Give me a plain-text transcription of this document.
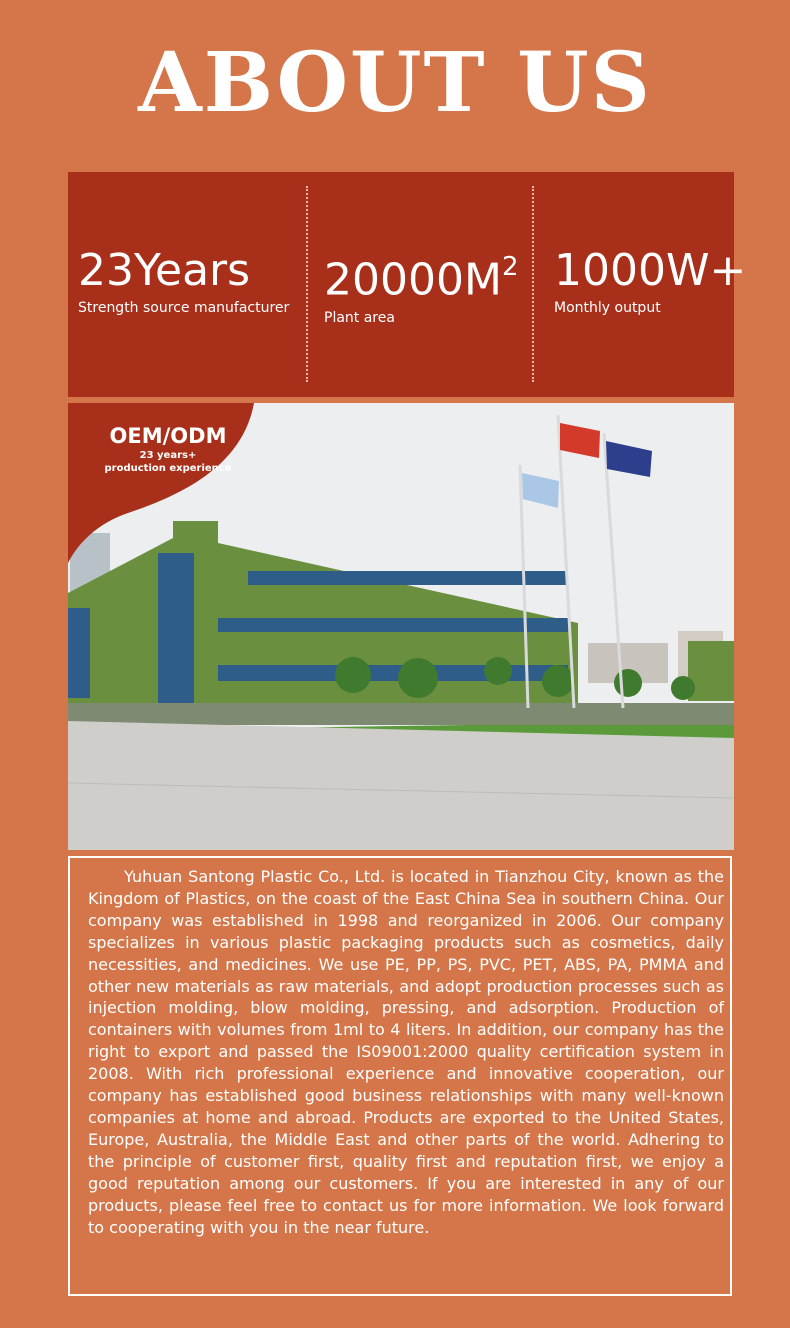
ABOUT US
23Years
Strength source manufacturer
$20000M^2$
Plant area
1000W+
Monthly output
OEM/ODM
23 years+
production experience
Yuhuan Santong Plastic Co., Ltd. is located in Tianzhou City, known as the Kingdom of Plastics, on the coast of the East China Sea in southern China. Our company was established in 1998 and reorganized in 2006. Our company specializes in various plastic packaging products such as cosmetics, daily necessities, and medicines. We use PE, PP, PS, PVC, PET, ABS, PA, PMMA and other new materials as raw materials, and adopt production processes such as injection molding, blow molding, pressing, and adsorption. Production of containers with volumes from 1ml to 4 liters. In addition, our company has the right to export and passed the IS09001:2000 quality certification system in 2008. With rich professional experience and innovative cooperation, our company has established good business relationships with many well-known companies at home and abroad. Products are exported to the United States, Europe, Australia, the Middle East and other parts of the world. Adhering to the principle of customer first, quality first and reputation first, we enjoy a good reputation among our customers. If you are interested in any of our products, please feel free to contact us for more information. We look forward to cooperating with you in the near future.
